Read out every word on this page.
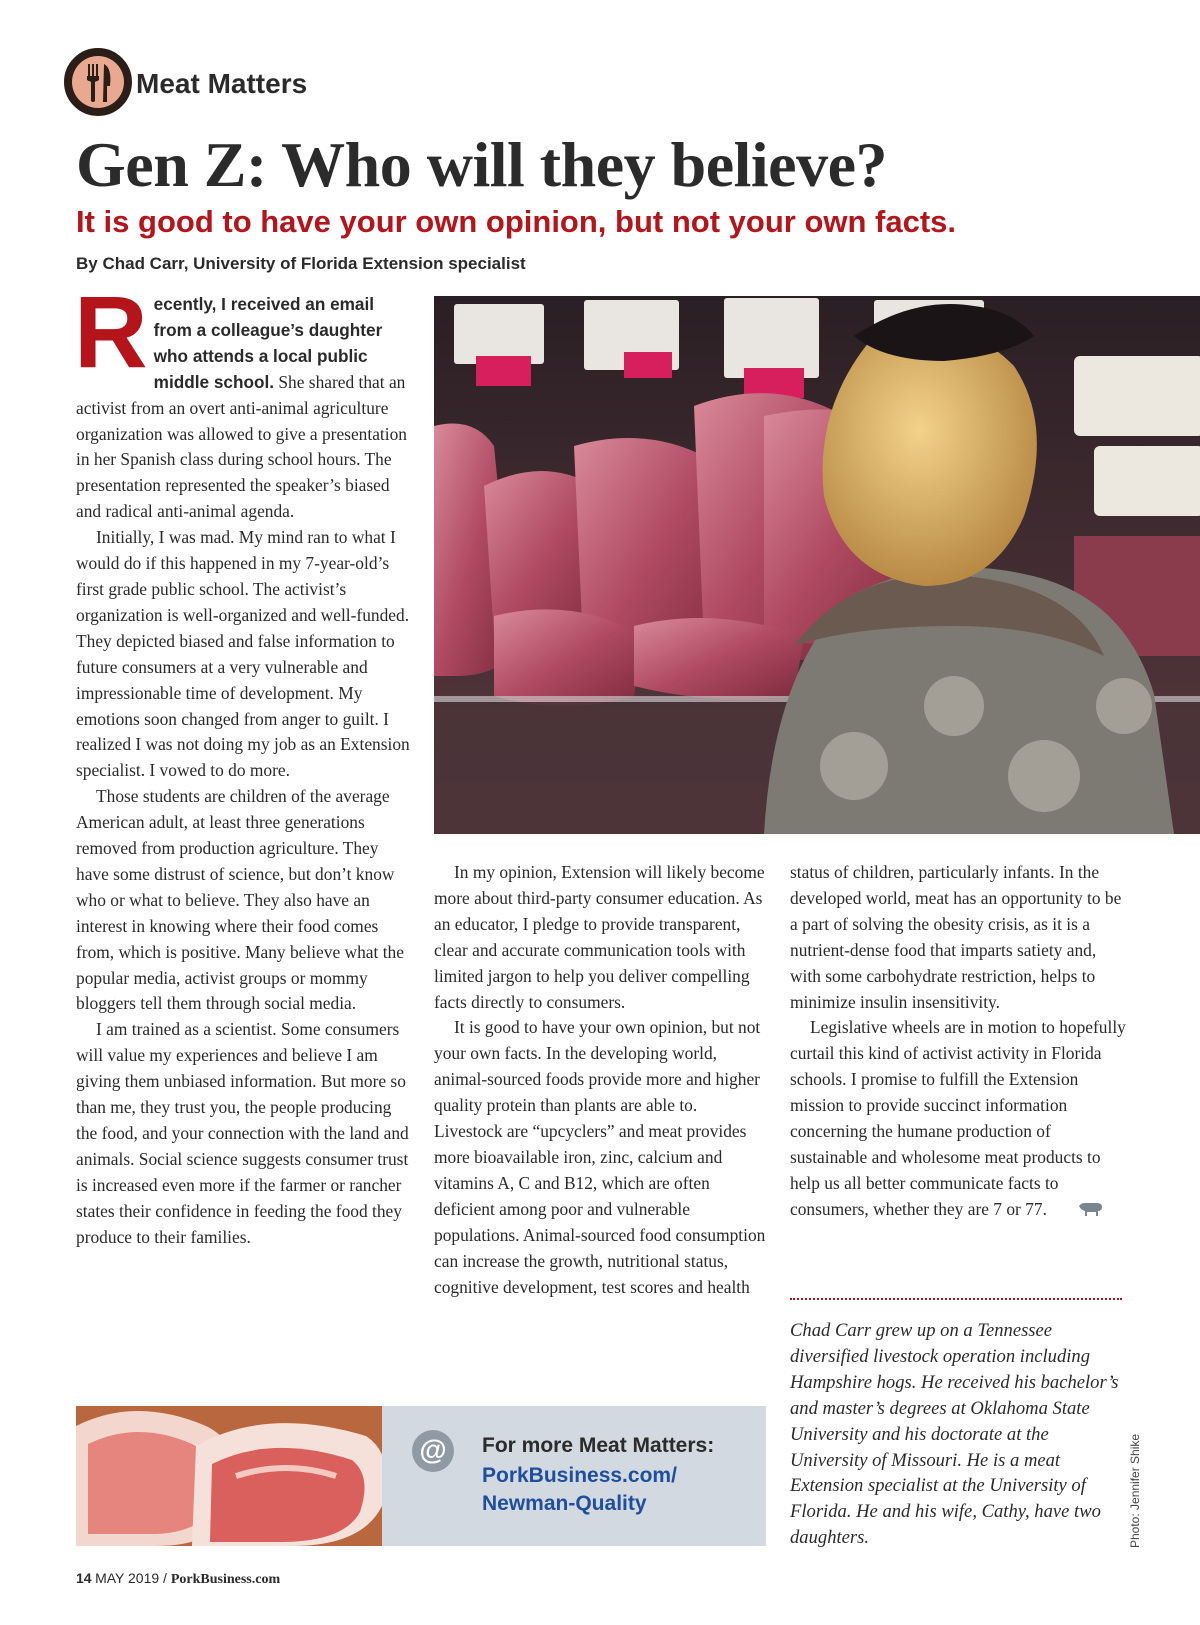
Meat Matters
Gen Z: Who will they believe?
It is good to have your own opinion, but not your own facts.
By Chad Carr, University of Florida Extension specialist

Recently, I received an email from a colleague’s daughter who attends a local public middle school. She shared that an activist from an overt anti-animal agriculture organization was allowed to give a presentation in her Spanish class during school hours. The presentation represented the speaker’s biased and radical anti-animal agenda.

Initially, I was mad. My mind ran to what I would do if this happened in my 7-year-old’s first grade public school. The activist’s organization is well-organized and well-funded. They depicted biased and false information to future consumers at a very vulnerable and impressionable time of development. My emotions soon changed from anger to guilt. I realized I was not doing my job as an Extension specialist. I vowed to do more.

Those students are children of the average American adult, at least three generations removed from production agriculture. They have some distrust of science, but don’t know who or what to believe. They also have an interest in knowing where their food comes from, which is positive. Many believe what the popular media, activist groups or mommy bloggers tell them through social media.

I am trained as a scientist. Some consumers will value my experiences and believe I am giving them unbiased information. But more so than me, they trust you, the people producing the food, and your connection with the land and animals. Social science suggests consumer trust is increased even more if the farmer or rancher states their confidence in feeding the food they produce to their families.

In my opinion, Extension will likely become more about third-party consumer education. As an educator, I pledge to provide transparent, clear and accurate communication tools with limited jargon to help you deliver compelling facts directly to consumers.

It is good to have your own opinion, but not your own facts. In the developing world, animal-sourced foods provide more and higher quality protein than plants are able to. Livestock are “upcyclers” and meat provides more bioavailable iron, zinc, calcium and vitamins A, C and B12, which are often deficient among poor and vulnerable populations. Animal-sourced food consumption can increase the growth, nutritional status, cognitive development, test scores and health

status of children, particularly infants. In the developed world, meat has an opportunity to be a part of solving the obesity crisis, as it is a nutrient-dense food that imparts satiety and, with some carbohydrate restriction, helps to minimize insulin insensitivity.

Legislative wheels are in motion to hopefully curtail this kind of activist activity in Florida schools. I promise to fulfill the Extension mission to provide succinct information concerning the humane production of sustainable and wholesome meat products to help us all better communicate facts to consumers, whether they are 7 or 77.

Chad Carr grew up on a Tennessee diversified livestock operation including Hampshire hogs. He received his bachelor’s and master’s degrees at Oklahoma State University and his doctorate at the University of Missouri. He is a meat Extension specialist at the University of Florida. He and his wife, Cathy, have two daughters.	Photo: Jennifer Shike
@	For more Meat Matters:
PorkBusiness.com/
Newman-Quality
14 MAY 2019 / PorkBusiness.com
